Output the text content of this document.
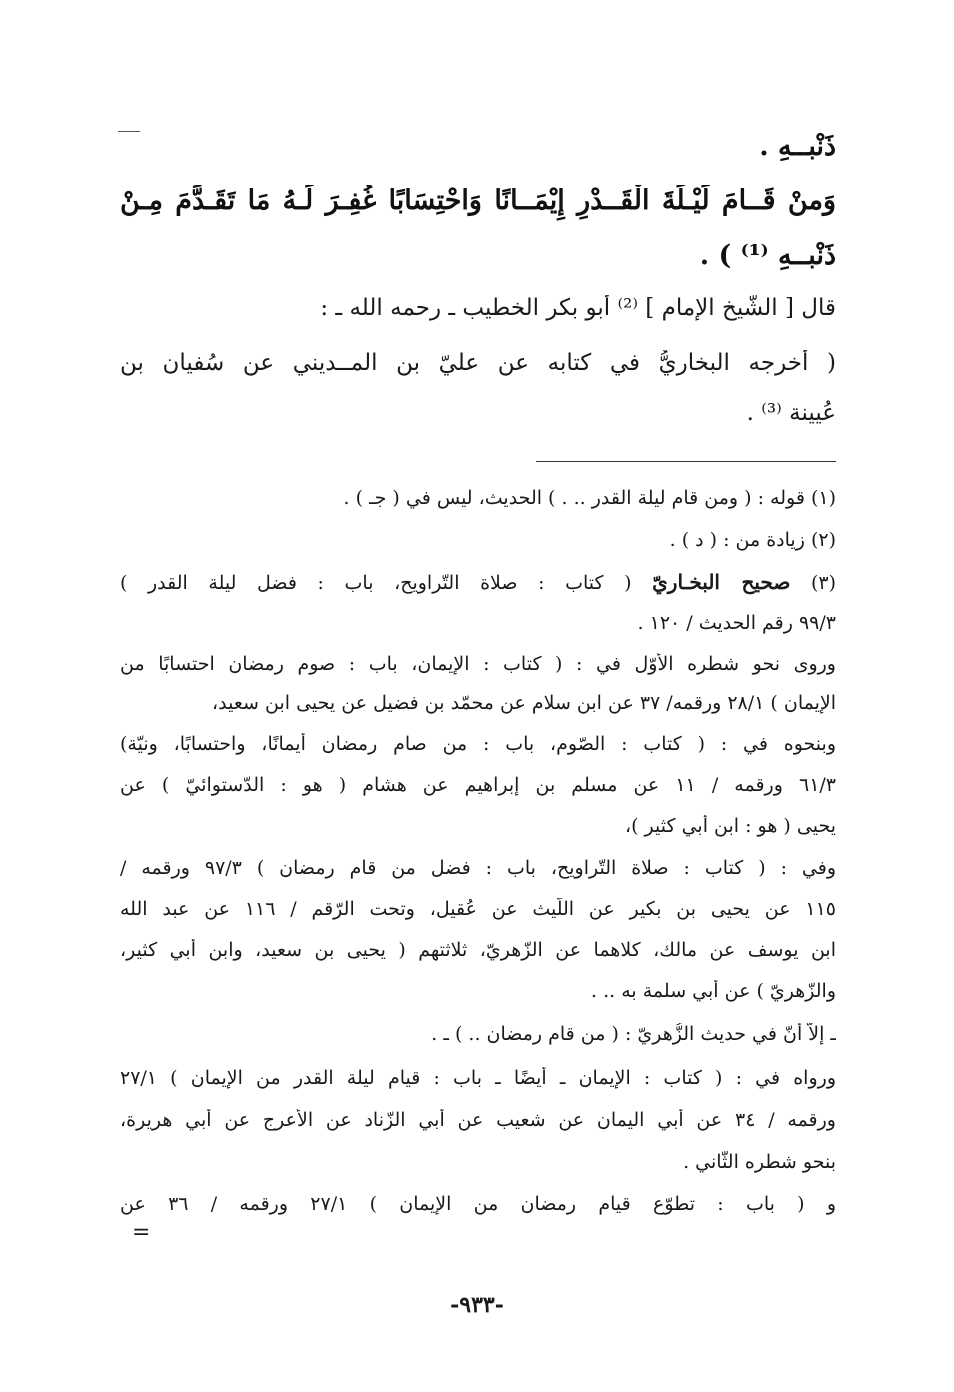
ذَنْبــهِ .
وَمنْ قَــامَ لَيْـلَةَ الْقَــدْرِ إِيْمَــانًا وَاحْتِسَابًا غُفِـرَ لَـهُ مَا تَقَـدَّمَ مِـنْ
ذَنْبــهِ ⁽¹⁾ ) .
قال [ الشّيخ الإمام ] ⁽²⁾ أبو بكر الخطيب ـ رحمه الله ـ :
( أخرجه البخاريُّ في كتابه عن عليّ بن المــديني عن سُفيان بن
عُيينة ⁽³⁾ .
(١) قوله : ( ومن قام ليلة القدر .. . ) الحديث، ليس في ( جـ ) .
(٢) زيادة من : ( د ) .
(٣) صحيح البخـاريّ ( كتاب : صلاة التّراويح، باب : فضل ليلة القدر )
٩٩/٣ رقم الحديث / ١٢٠ .
وروى نحو شطره الأوّل في : ( كتاب : الإيمان، باب : صوم رمضان احتسابًا من
الإيمان ) ٢٨/١ ورقمه/ ٣٧ عن ابن سلام عن محمّد بن فضيل عن يحيى ابن سعيد،
وبنحوه في : ( كتاب : الصّوم، باب : من صام رمضان أيمانًا، واحتسابًا، ونيّة)
٦١/٣ ورقمه / ١١ عن مسلم بن إبراهيم عن هشام ( هو : الدّستوائيّ ) عن
يحيى ( هو : ابن أبي كثير )،
وفي : ( كتاب : صلاة التّراويح، باب : فضل من قام رمضان ) ٩٧/٣ ورقمه /
١١٥ عن يحيى بن بكير عن اللّيث عن عُقيل، وتحت الرّقم / ١١٦ عن عبد الله
ابن يوسف عن مالك، كلاهما عن الزّهريّ، ثلاثتهم ( يحيى بن سعيد، وابن أبي كثير،
والزّهريّ ) عن أبي سلمة به .. .
ـ إلاّ أنّ في حديث الزُّهريّ : ( من قام رمضان .. ) ـ .
ورواه في : ( كتاب : الإيمان ـ أيضًا ـ باب : قيام ليلة القدر من الإيمان ) ٢٧/١
ورقمه / ٣٤ عن أبي اليمان عن شعيب عن أبي الزّناد عن الأعرج عن أبي هريرة،
بنحو شطره الثّاني .
و ( باب : تطوّع قيام رمضان من الإيمان ) ٢٧/١ ورقمه / ٣٦ عن
=
-٩٣٣-
